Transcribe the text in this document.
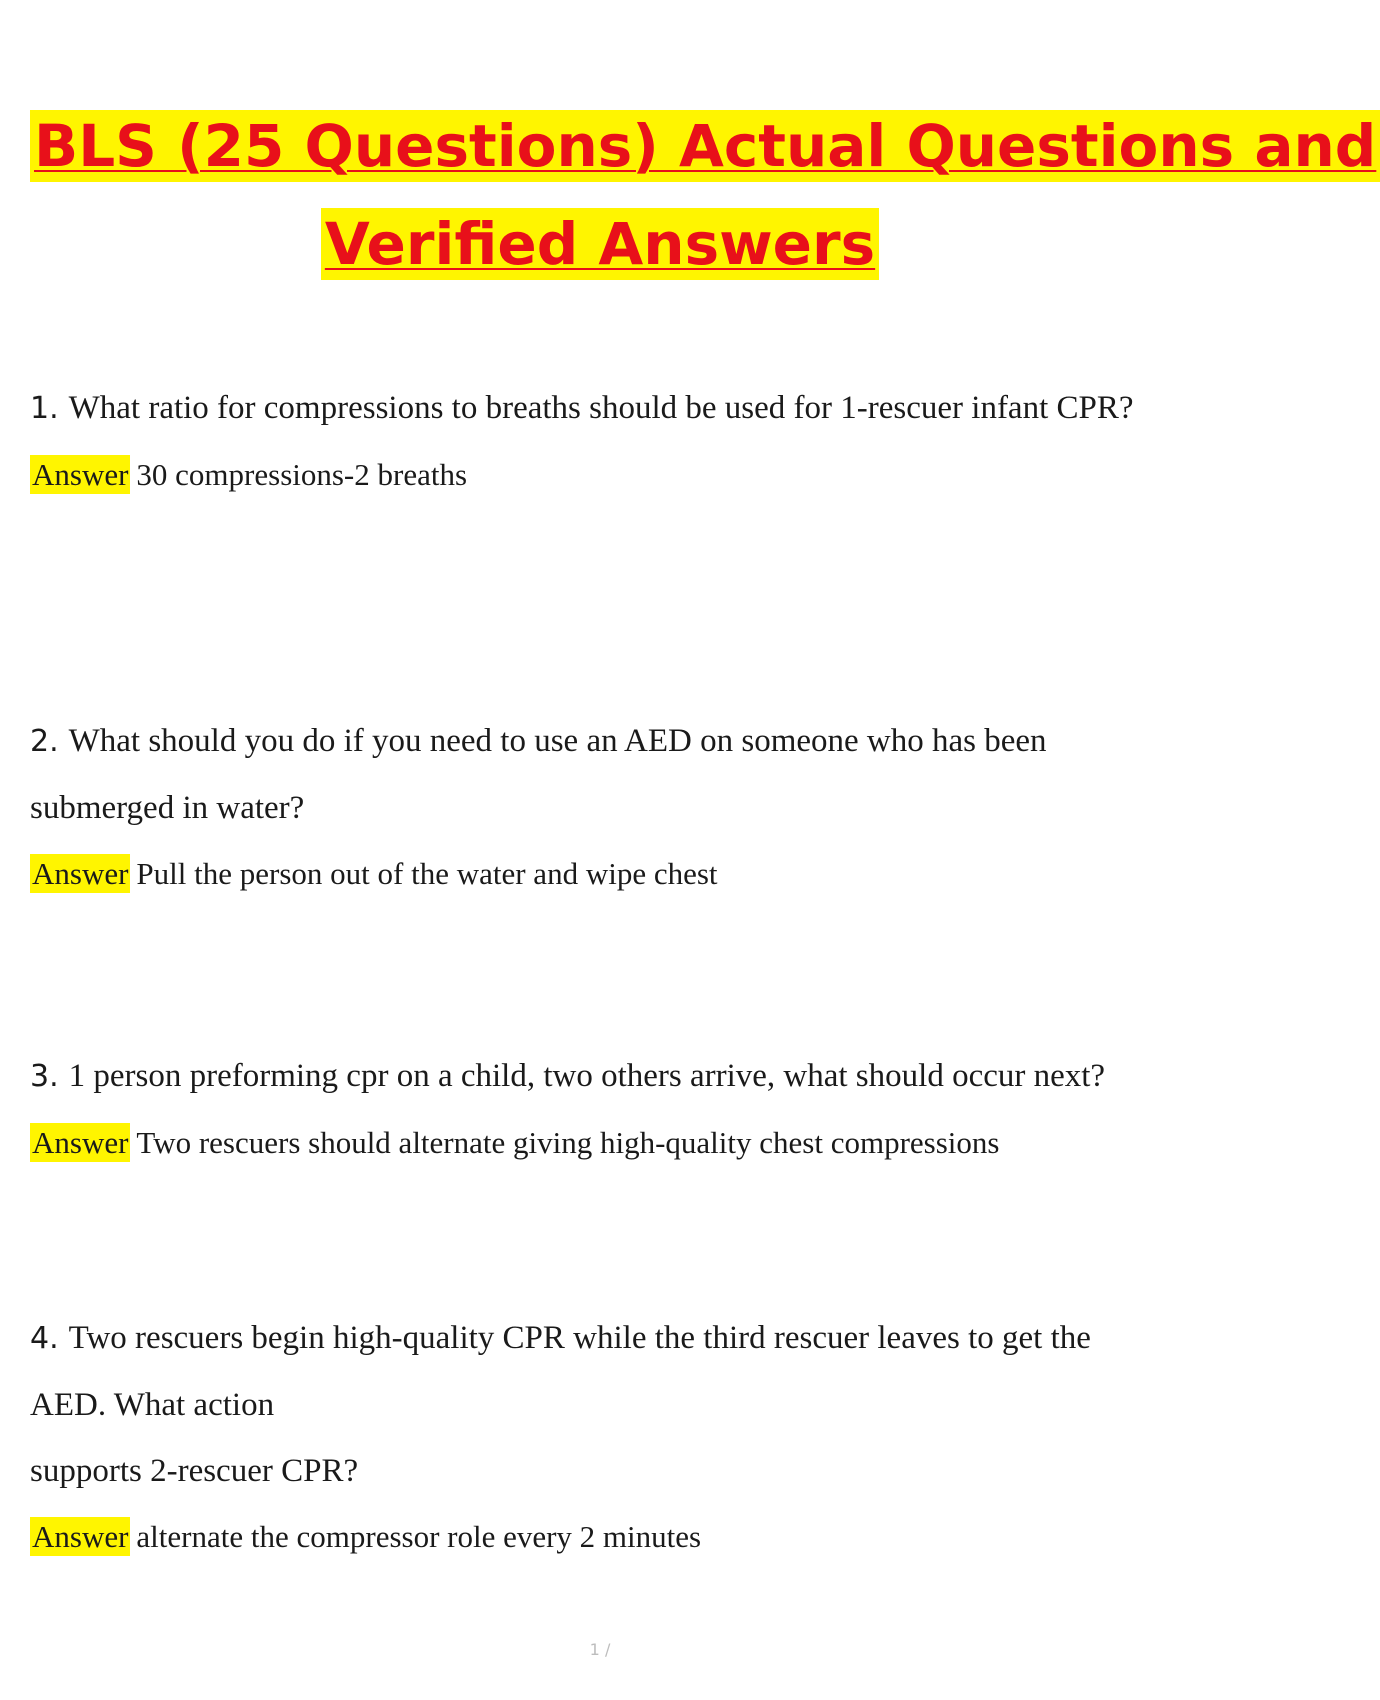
BLS (25 Questions) Actual Questions and
Verified Answers
1. What ratio for compressions to breaths should be used for 1-rescuer infant CPR?
Answer 30 compressions-2 breaths
2. What should you do if you need to use an AED on someone who has been submerged in water?
Answer Pull the person out of the water and wipe chest
3. 1 person preforming cpr on a child, two others arrive, what should occur next?
Answer Two rescuers should alternate giving high-quality chest compressions
4. Two rescuers begin high-quality CPR while the third rescuer leaves to get the AED. What action
supports 2-rescuer CPR?
Answer alternate the compressor role every 2 minutes
1 /
